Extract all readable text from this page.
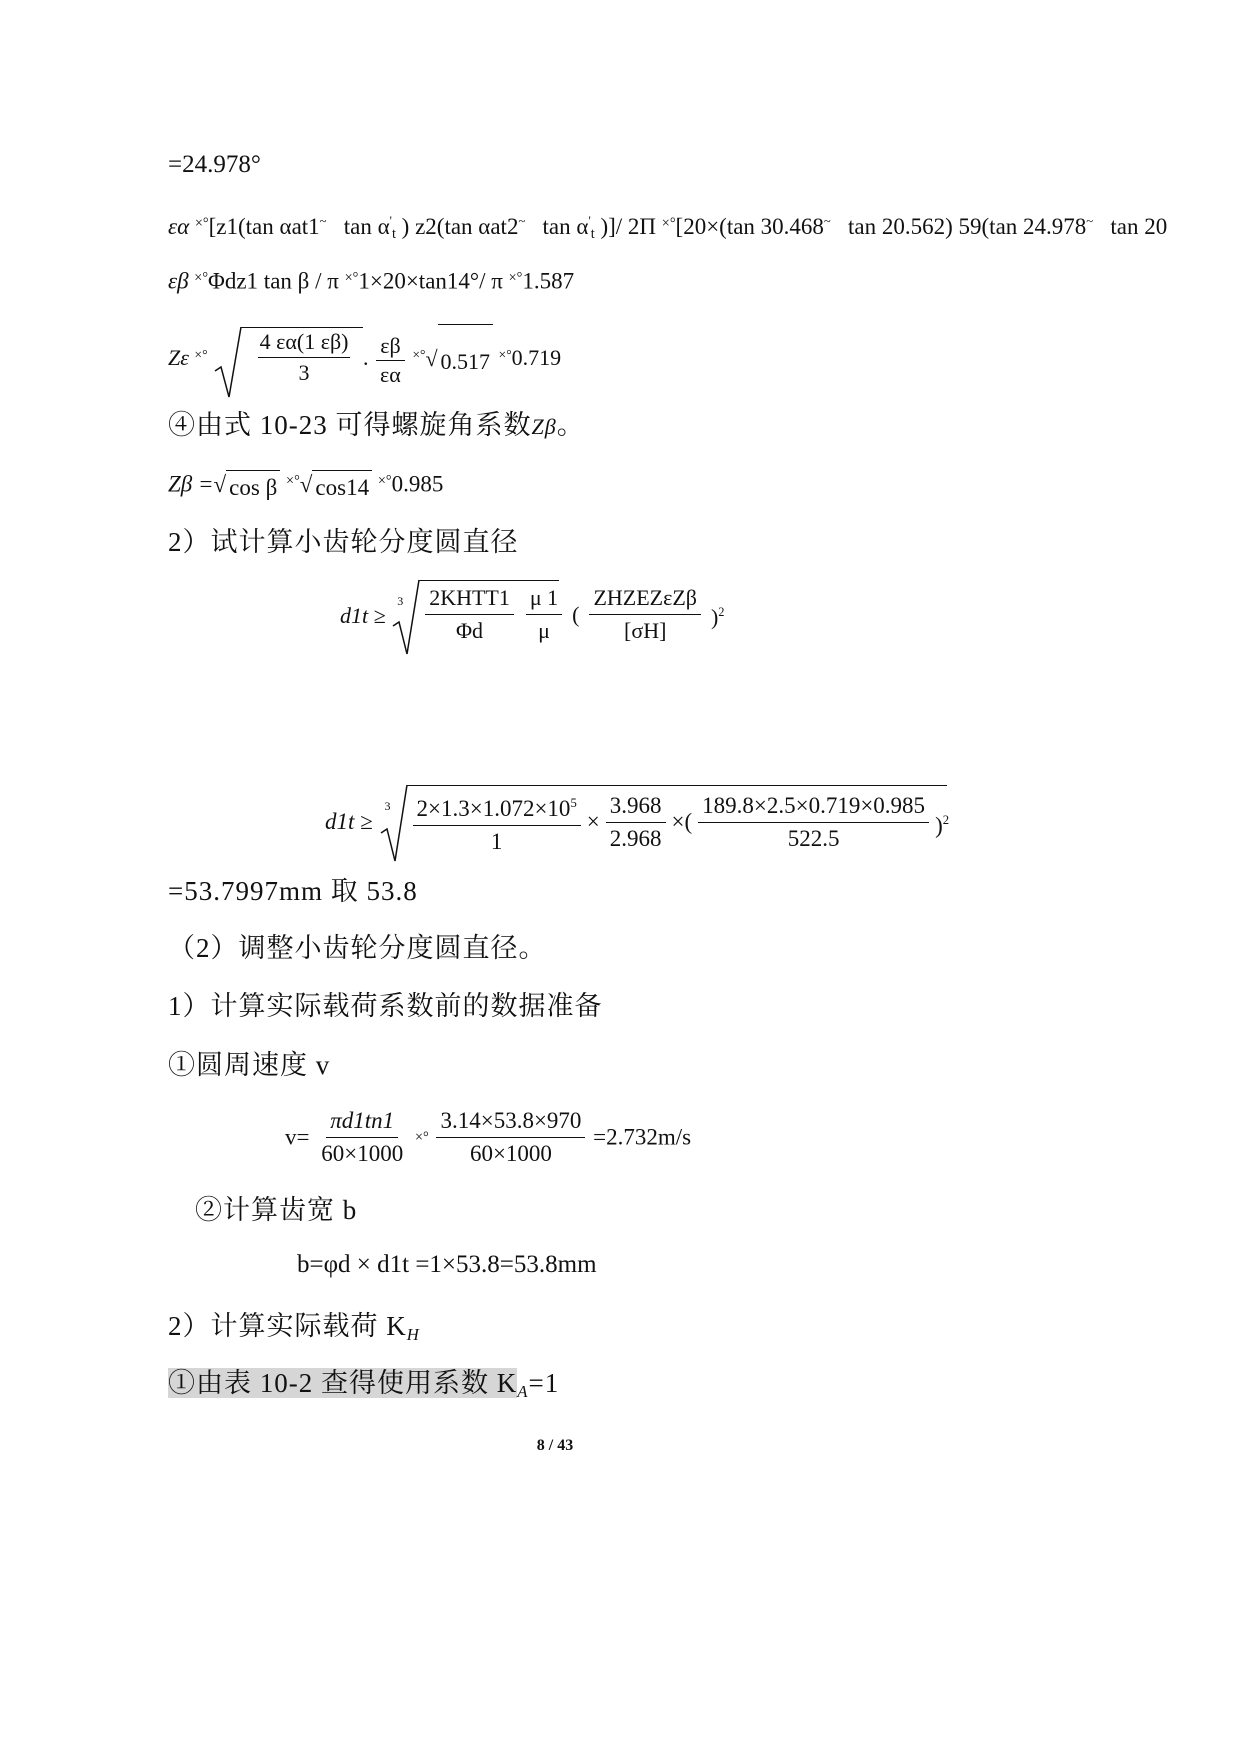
=24.978°
εα ×°[z1(tan αat1~ $\tan \alpha'_t$ ) z2(tan αat2~ $\tan \alpha'_t$ )]/ 2Π ×°[20×(tan 30.468~ tan 20.562) 59(tan 24.978~ tan 20
εβ ×°Φdz1 tan β / π ×°1×20×tan14°/ π ×°1.587
Zε ×°
4 εα(1 εβ)
3
. $\frac{\varepsilon\beta}{\varepsilon\alpha} ^{\times^\circ}$ √ 0.517 ×°0.719
④由式 10-23 可得螺旋角系数Zβ。
Zβ = √ cos β ×° √ cos14 ×°0.985
2）试计算小齿轮分度圆直径
d1t ≥
$3 \frac{\text{2KHTT1}}{\Phi d} \frac{\mu 1}{\mu}$ ( $\frac{\text{ZHZEZεZβ}}{[\sigma H]} )^2$
d1t ≥
$3 \frac{2\times 1.3\times 1.072\times 10^5}{1} \times \frac{3.968}{2.968}$ ×( $\frac{189.8\times 2.5\times 0.719\times 0.985}{522.5} )^2$
=53.7997mm 取 53.8
（2）调整小齿轮分度圆直径。
1）计算实际载荷系数前的数据准备
①圆周速度 v
$v= \frac{\pi d1tn1}{60\times 1000}$ ×° $\frac{3.14\times 53.8\times 970}{60\times 1000} =2.732m/s$
②计算齿宽 b
b=φd × d1t =1×53.8=53.8mm
2）计算实际载荷 $K_H$
①由表 10-2 查得使用系数 $K_A=1$
8 / 43
